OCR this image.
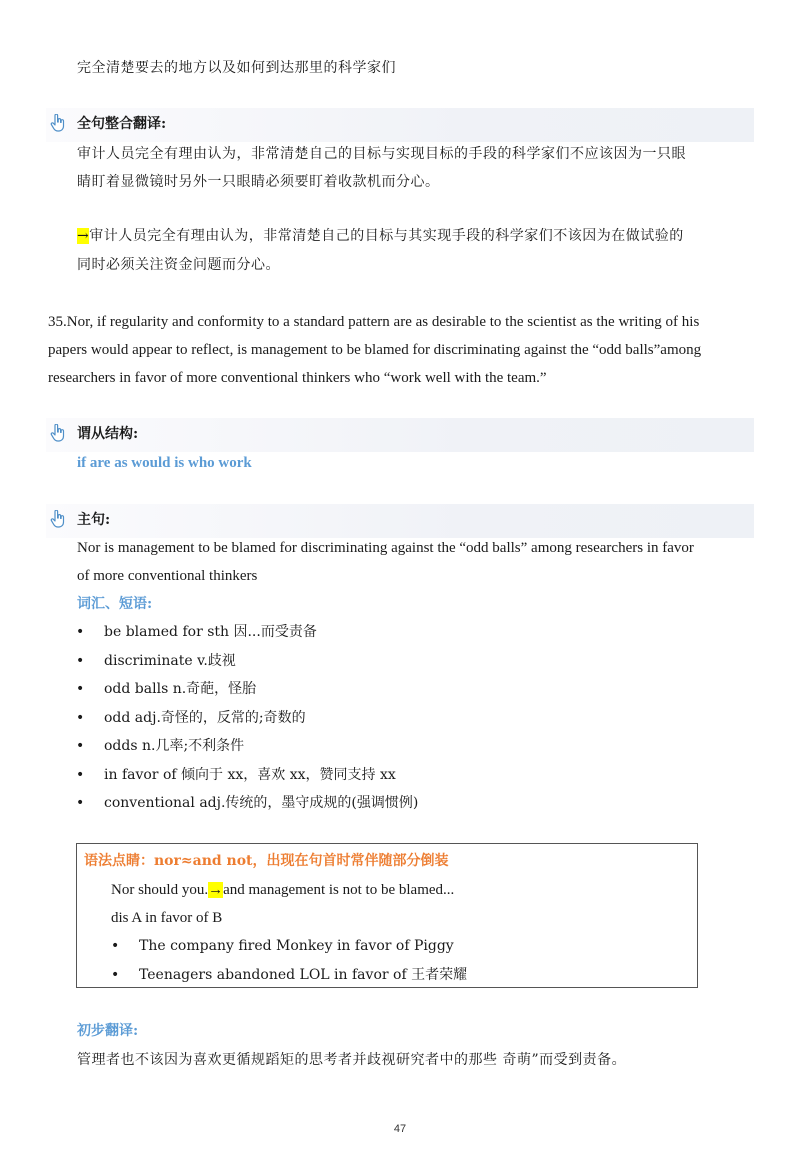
完全清楚要去的地方以及如何到达那里的科学家们
全句整合翻译:
审计人员完全有理由认为，非常清楚自己的目标与实现目标的手段的科学家们不应该因为一只眼
睛盯着显微镜时另外一只眼睛必须要盯着收款机而分心。
→审计人员完全有理由认为，非常清楚自己的目标与其实现手段的科学家们不该因为在做试验的
同时必须关注资金问题而分心。
35.Nor, if regularity and conformity to a standard pattern are as desirable to the scientist as the writing of his
papers would appear to reflect, is management to be blamed for discriminating against the “odd balls”among
researchers in favor of more conventional thinkers who “work well with the team.”
谓从结构:
if are as would is who work
主句:
Nor is management to be blamed for discriminating against the “odd balls” among researchers in favor
of more conventional thinkers
词汇、短语:
• be blamed for sth 因...而受责备
• discriminate v.歧视
• odd balls n.奇葩，怪胎
• odd adj.奇怪的，反常的;奇数的
• odds n.几率;不利条件
• in favor of 倾向于 xx，喜欢 xx，赞同支持 xx
• conventional adj.传统的，墨守成规的(强调惯例)
语法点睛：nor≈and not，出现在句首时常伴随部分倒装
Nor should you.→and management is not to be blamed...
dis A in favor of B
• The company fired Monkey in favor of Piggy
• Teenagers abandoned LOL in favor of 王者荣耀
初步翻译:
管理者也不该因为喜欢更循规蹈矩的思考者并歧视研究者中的那些 奇萌”而受到责备。
47
